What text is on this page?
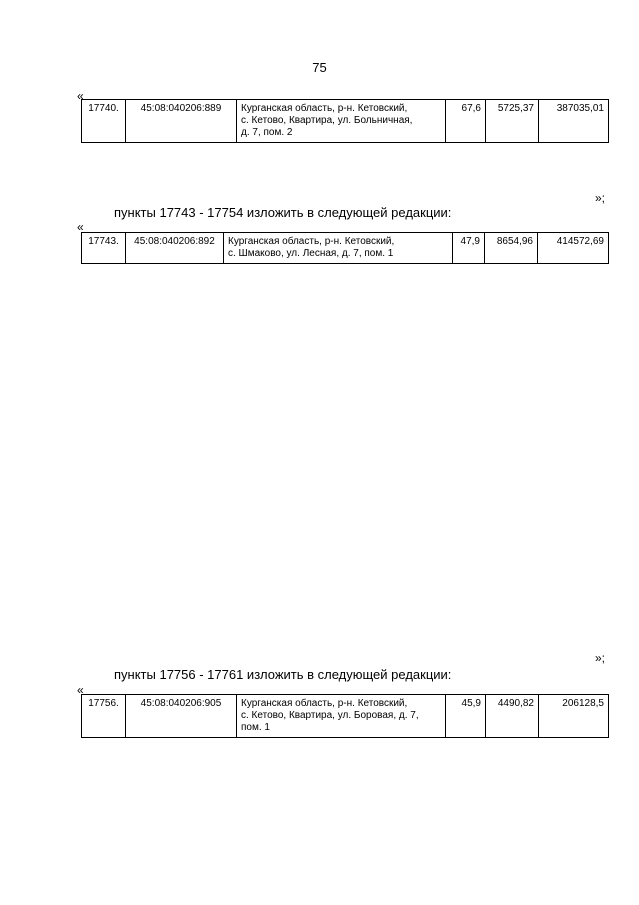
75
«
17740.	45:08:040206:889	Курганская область, р-н. Кетовский,
с. Кетово, Квартира, ул. Больничная,
д. 7, пом. 2	67,6	5725,37	387035,01
»;
пункты 17743 - 17754 изложить в следующей редакции:
«
17743.	45:08:040206:892	Курганская область, р-н. Кетовский,
с. Шмаково, ул. Лесная, д. 7, пом. 1	47,9	8654,96	414572,69
»;
пункты 17756 - 17761 изложить в следующей редакции:
«
17756.	45:08:040206:905	Курганская область, р-н. Кетовский,
с. Кетово, Квартира, ул. Боровая, д. 7,
пом. 1	45,9	4490,82	206128,5
